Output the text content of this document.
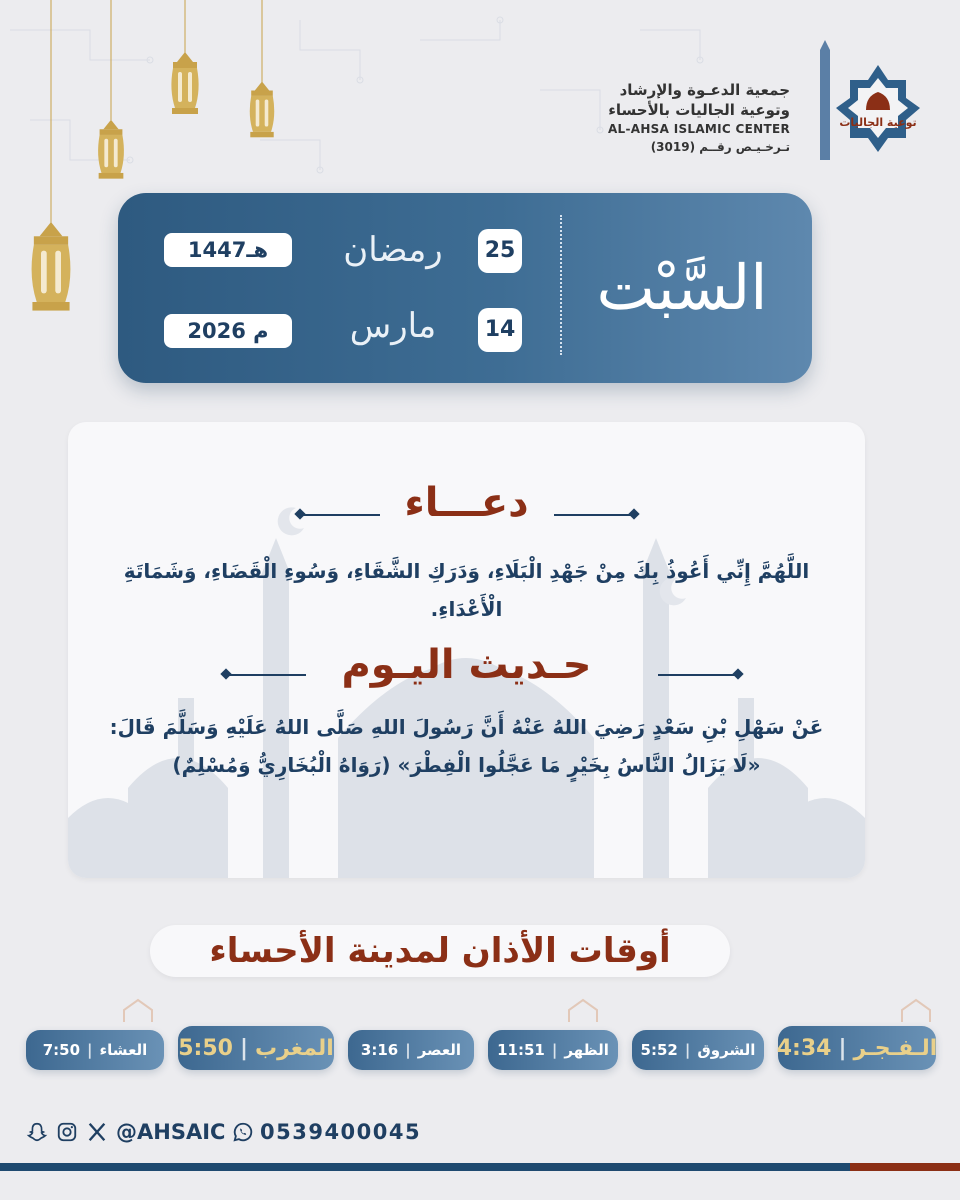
جمعية الدعـوة والإرشاد
وتوعية الجاليات بالأحساء
AL-AHSA ISLAMIC CENTER
تـرخـيـص رقــم (3019)
توعية الجاليات
السَّبْت
25
14
رمضان
مارس
1447هـ
2026 م
دعـــاء
اللَّهُمَّ إِنِّي أَعُوذُ بِكَ مِنْ جَهْدِ الْبَلَاءِ، وَدَرَكِ الشَّقَاءِ، وَسُوءِ الْقَضَاءِ، وَشَمَاتَةِ الْأَعْدَاءِ.
حـديث اليـوم
عَنْ سَهْلِ بْنِ سَعْدٍ رَضِيَ اللهُ عَنْهُ أَنَّ رَسُولَ اللهِ صَلَّى اللهُ عَلَيْهِ وَسَلَّمَ قَالَ: «لَا يَزَالُ النَّاسُ بِخَيْرٍ مَا عَجَّلُوا الْفِطْرَ» (رَوَاهُ الْبُخَارِيُّ وَمُسْلِمٌ)
أوقات الأذان لمدينة الأحساء
الـفـجـر
|
4:34
الشروق
|
5:52
الظهر
|
11:51
العصر
|
3:16
المغرب
|
5:50
العشاء
|
7:50
@AHSAIC 0539400045
